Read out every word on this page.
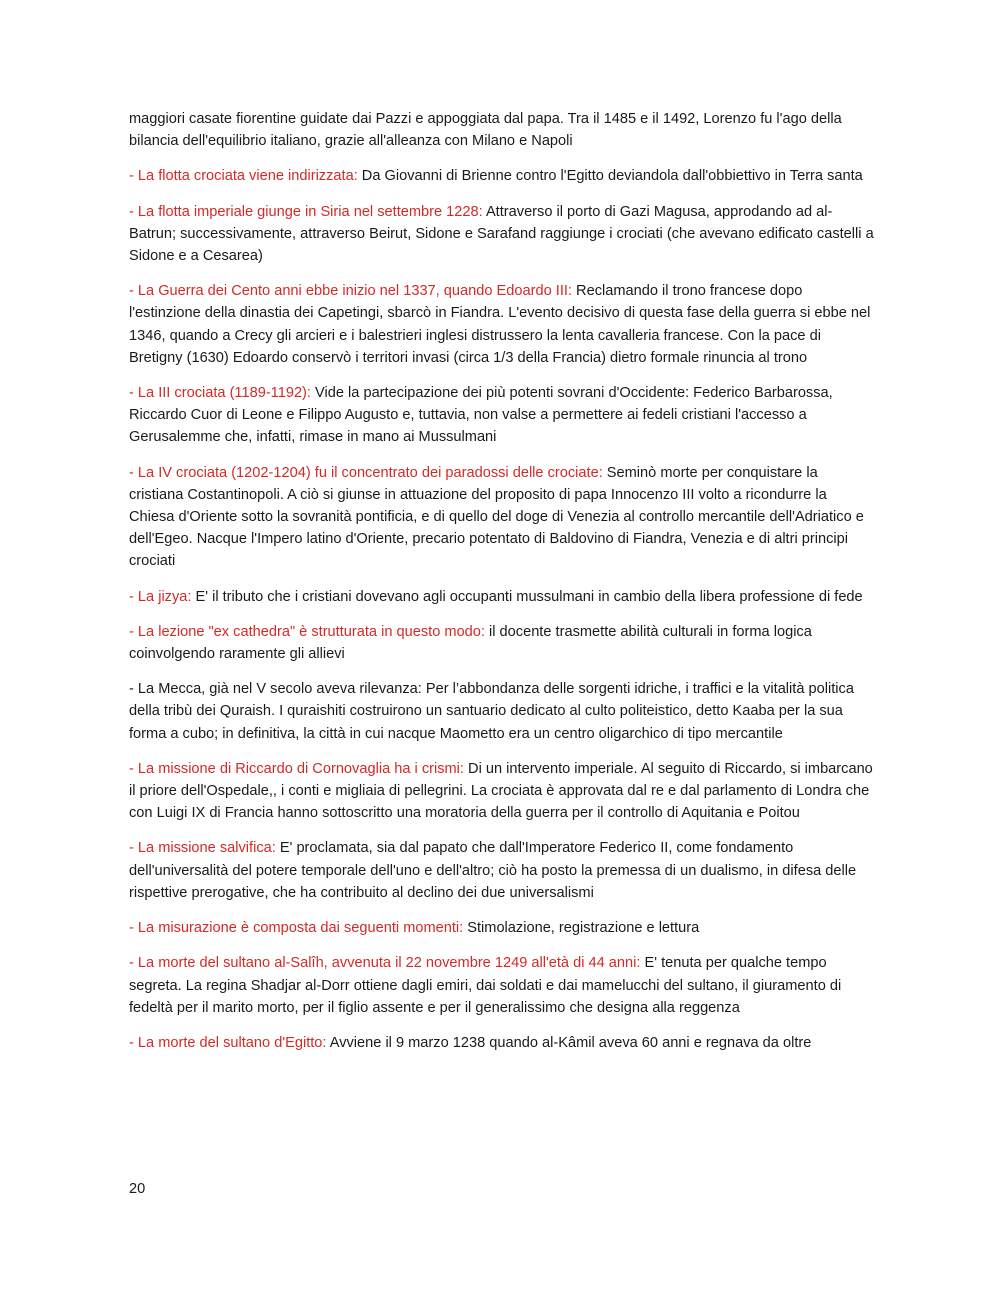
maggiori casate fiorentine guidate dai Pazzi e appoggiata dal papa. Tra il 1485 e il 1492, Lorenzo fu l'ago della bilancia dell'equilibrio italiano, grazie all'alleanza con Milano e Napoli

- La flotta crociata viene indirizzata: Da Giovanni di Brienne contro l'Egitto deviandola dall'obbiettivo in Terra santa

- La flotta imperiale giunge in Siria nel settembre 1228: Attraverso il porto di Gazi Magusa, approdando ad al-Batrun; successivamente, attraverso Beirut, Sidone e Sarafand raggiunge i crociati (che avevano edificato castelli a Sidone e a Cesarea)

- La Guerra dei Cento anni ebbe inizio nel 1337, quando Edoardo III: Reclamando il trono francese dopo l'estinzione della dinastia dei Capetingi, sbarcò in Fiandra. L'evento decisivo di questa fase della guerra si ebbe nel 1346, quando a Crecy gli arcieri e i balestrieri inglesi distrussero la lenta cavalleria francese. Con la pace di Bretigny (1630) Edoardo conservò i territori invasi (circa 1/3 della Francia) dietro formale rinuncia al trono

- La III crociata (1189-1192): Vide la partecipazione dei più potenti sovrani d'Occidente: Federico Barbarossa, Riccardo Cuor di Leone e Filippo Augusto e, tuttavia, non valse a permettere ai fedeli cristiani l'accesso a Gerusalemme che, infatti, rimase in mano ai Mussulmani

- La IV crociata (1202-1204) fu il concentrato dei paradossi delle crociate: Seminò morte per conquistare la cristiana Costantinopoli. A ciò si giunse in attuazione del proposito di papa Innocenzo III volto a ricondurre la Chiesa d'Oriente sotto la sovranità pontificia, e di quello del doge di Venezia al controllo mercantile dell'Adriatico e dell'Egeo. Nacque l'Impero latino d'Oriente, precario potentato di Baldovino di Fiandra, Venezia e di altri principi crociati

- La jizya: E' il tributo che i cristiani dovevano agli occupanti mussulmani in cambio della libera professione di fede

- La lezione "ex cathedra" è strutturata in questo modo: il docente trasmette abilità culturali in forma logica coinvolgendo raramente gli allievi

- La Mecca, già nel V secolo aveva rilevanza: Per l’abbondanza delle sorgenti idriche, i traffici e la vitalità politica della tribù dei Quraish. I quraishiti costruirono un santuario dedicato al culto politeistico, detto Kaaba per la sua forma a cubo; in definitiva, la città in cui nacque Maometto era un centro oligarchico di tipo mercantile

- La missione di Riccardo di Cornovaglia ha i crismi: Di un intervento imperiale. Al seguito di Riccardo, si imbarcano il priore dell'Ospedale,, i conti e migliaia di pellegrini. La crociata è approvata dal re e dal parlamento di Londra che con Luigi IX di Francia hanno sottoscritto una moratoria della guerra per il controllo di Aquitania e Poitou

- La missione salvifica: E' proclamata, sia dal papato che dall'Imperatore Federico II, come fondamento dell'universalità del potere temporale dell'uno e dell'altro; ciò ha posto la premessa di un dualismo, in difesa delle rispettive prerogative, che ha contribuito al declino dei due universalismi

- La misurazione è composta dai seguenti momenti: Stimolazione, registrazione e lettura

- La morte del sultano al-Salîh, avvenuta il 22 novembre 1249 all'età di 44 anni: E' tenuta per qualche tempo segreta. La regina Shadjar al-Dorr ottiene dagli emiri, dai soldati e dai mamelucchi del sultano, il giuramento di fedeltà per il marito morto, per il figlio assente e per il generalissimo che designa alla reggenza

- La morte del sultano d'Egitto: Avviene il 9 marzo 1238 quando al-Kâmil aveva 60 anni e regnava da oltre

20
